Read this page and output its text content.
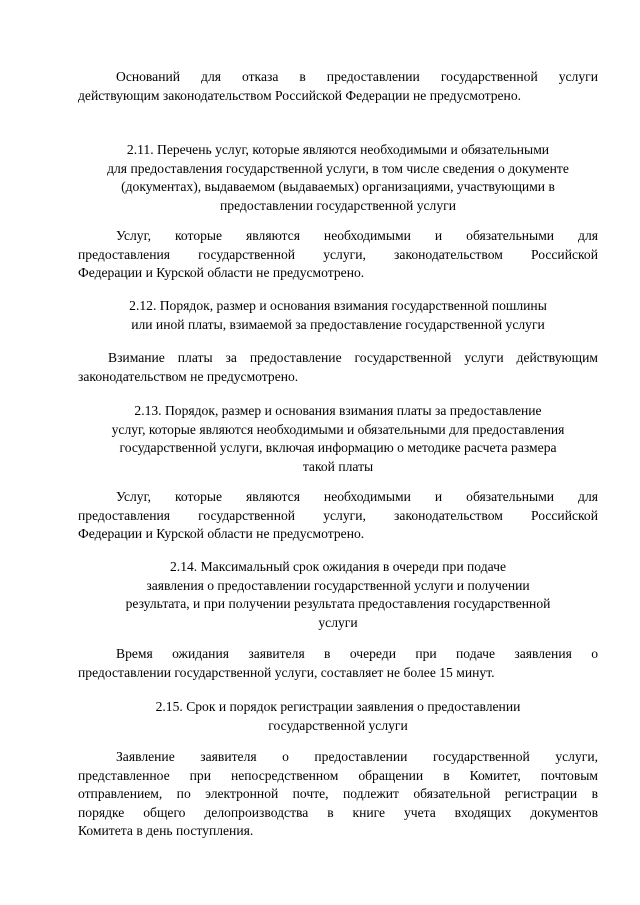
Оснований для отказа в предоставлении государственной услуги
действующим законодательством Российской Федерации не предусмотрено.
2.11. Перечень услуг, которые являются необходимыми и обязательными
для предоставления государственной услуги, в том числе сведения о документе
(документах), выдаваемом (выдаваемых) организациями, участвующими в
предоставлении государственной услуги
Услуг, которые являются необходимыми и обязательными для
предоставления государственной услуги, законодательством Российской
Федерации и Курской области не предусмотрено.
2.12. Порядок, размер и основания взимания государственной пошлины
или иной платы, взимаемой за предоставление государственной услуги
Взимание платы за предоставление государственной услуги действующим
законодательством не предусмотрено.
2.13. Порядок, размер и основания взимания платы за предоставление
услуг, которые являются необходимыми и обязательными для предоставления
государственной услуги, включая информацию о методике расчета размера
такой платы
Услуг, которые являются необходимыми и обязательными для
предоставления государственной услуги, законодательством Российской
Федерации и Курской области не предусмотрено.
2.14. Максимальный срок ожидания в очереди при подаче
заявления о предоставлении государственной услуги и получении
результата, и при получении результата предоставления государственной
услуги
Время ожидания заявителя в очереди при подаче заявления о
предоставлении государственной услуги, составляет не более 15 минут.
2.15. Срок и порядок регистрации заявления о предоставлении
государственной услуги
Заявление заявителя о предоставлении государственной услуги,
представленное при непосредственном обращении в Комитет, почтовым
отправлением, по электронной почте, подлежит обязательной регистрации в
порядке общего делопроизводства в книге учета входящих документов
Комитета в день поступления.
